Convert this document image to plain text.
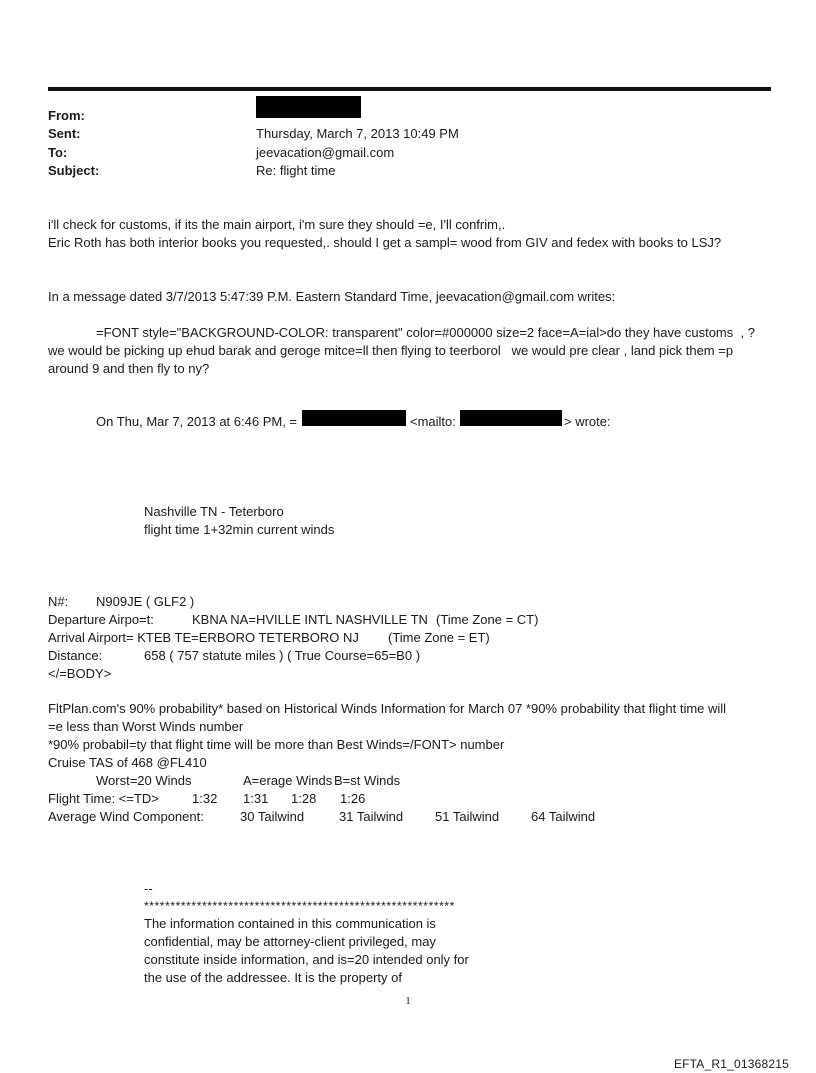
From:
Sent:	Thursday, March 7, 2013 10:49 PM
To:	jeevacation@gmail.com
Subject:	Re: flight time
i'll check for customs, if its the main airport, i'm sure they should =e, I'll confrim,.
Eric Roth has both interior books you requested,. should I get a sampl= wood from GIV and fedex with books to LSJ?
In a message dated 3/7/2013 5:47:39 P.M. Eastern Standard Time, jeevacation@gmail.com writes:
=FONT style="BACKGROUND-COLOR: transparent" color=#000000 size=2 face=A=ial>do they have customs  , ?
we would be picking up ehud barak and geroge mitce=ll then flying to teerborol   we would pre clear , land pick them =p
around 9 and then fly to ny?
On Thu, Mar 7, 2013 at 6:46 PM, =	<mailto:	> wrote:
Nashville TN - Teterboro
flight time 1+32min current winds
N#: N909JE ( GLF2 )
Departure Airpo=t:	KBNA NA=HVILLE INTL NASHVILLE TN (Time Zone = CT)
Arrival Airport= KTEB TE=ERBORO TETERBORO NJ (Time Zone = ET)
Distance:	658 ( 757 statute miles ) ( True Course=65=B0 )
</=BODY>
FltPlan.com's 90% probability* based on Historical Winds Information for March 07 *90% probability that flight time will
=e less than Worst Winds number
*90% probabil=ty that flight time will be more than Best Winds=/FONT> number
Cruise TAS of 468 @FL410
Worst=20 Winds	A=erage Winds B=st Winds
Flight Time: <=TD>	1:32 1:31 1:28 1:26
Average Wind Component:	30 Tailwind	31 Tailwind 51 Tailwind 64 Tailwind
--
***********************************************************
The information contained in this communication is
confidential, may be attorney-client privileged, may
constitute inside information, and is=20 intended only for
the use of the addressee. It is the property of
1
EFTA_R1_01368215
